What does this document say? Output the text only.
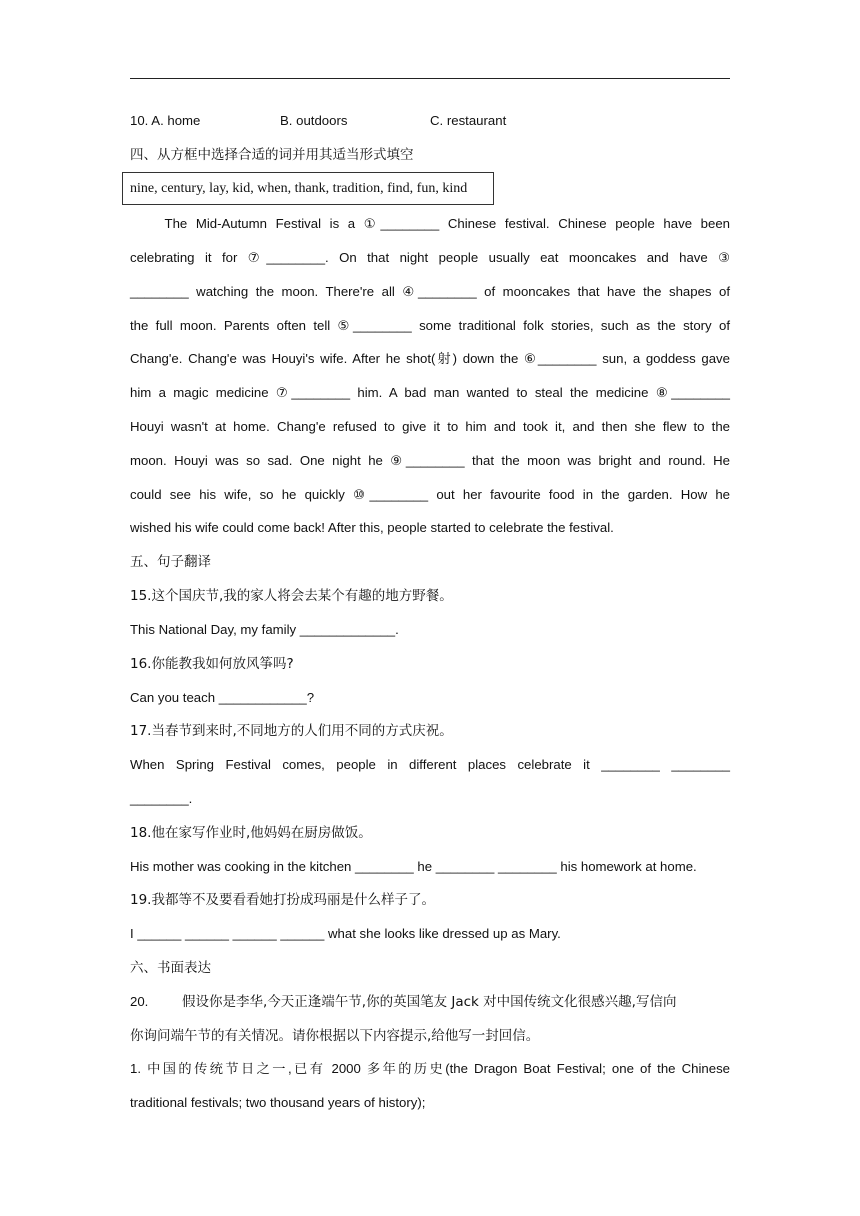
10. A. home	B. outdoors	C. restaurant
四、从方框中选择合适的词并用其适当形式填空
nine, century, lay, kid, when, thank, tradition, find, fun, kind
The Mid-Autumn Festival is a ①________ Chinese festival. Chinese people have been
celebrating it for ⑦________. On that night people usually eat mooncakes and have ③
________ watching the moon. There're all ④________ of mooncakes that have the shapes of
the full moon. Parents often tell ⑤________ some traditional folk stories, such as the story of
Chang'e. Chang'e was Houyi's wife. After he shot(射) down the ⑥________ sun, a goddess gave
him a magic medicine ⑦________ him. A bad man wanted to steal the medicine ⑧________
Houyi wasn't at home. Chang'e refused to give it to him and took it, and then she flew to the
moon. Houyi was so sad. One night he ⑨________ that the moon was bright and round. He
could see his wife, so he quickly ⑩________ out her favourite food in the garden. How he
wished his wife could come back! After this, people started to celebrate the festival.
五、句子翻译
15.这个国庆节,我的家人将会去某个有趣的地方野餐。
This National Day, my family _____________.
16.你能教我如何放风筝吗?
Can you teach ____________?
17.当春节到来时,不同地方的人们用不同的方式庆祝。
When Spring Festival comes, people in different places celebrate it ________ ________
________.
18.他在家写作业时,他妈妈在厨房做饭。
His mother was cooking in the kitchen ________ he ________ ________ his homework at home.
19.我都等不及要看看她打扮成玛丽是什么样子了。
I ______ ______ ______ ______ what she looks like dressed up as Mary.
六、书面表达
20. 假设你是李华,今天正逢端午节,你的英国笔友 Jack 对中国传统文化很感兴趣,写信向
你询问端午节的有关情况。请你根据以下内容提示,给他写一封回信。
1. 中国的传统节日之一,已有 2000 多年的历史(the Dragon Boat Festival; one of the Chinese
traditional festivals; two thousand years of history);
